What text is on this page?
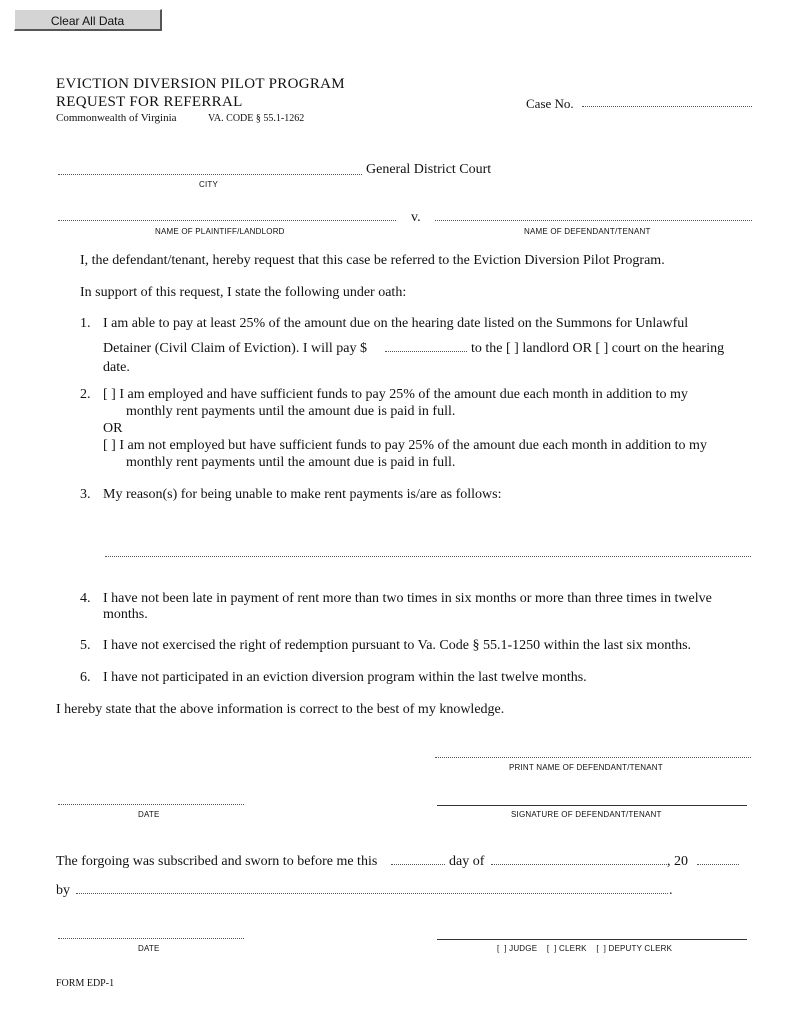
Clear All Data
EVICTION DIVERSION PILOT PROGRAM
REQUEST FOR REFERRAL
Commonwealth of Virginia	VA. CODE § 55.1-1262
Case No.
General District Court
CITY
v.
NAME OF PLAINTIFF/LANDLORD	NAME OF DEFENDANT/TENANT
I, the defendant/tenant, hereby request that this case be referred to the Eviction Diversion Pilot Program.
In support of this request, I state the following under oath:
1. I am able to pay at least 25% of the amount due on the hearing date listed on the Summons for Unlawful
Detainer (Civil Claim of Eviction). I will pay $	to the [ ] landlord OR [ ] court on the hearing
date.
2. [ ] I am employed and have sufficient funds to pay 25% of the amount due each month in addition to my
monthly rent payments until the amount due is paid in full.
OR
[ ] I am not employed but have sufficient funds to pay 25% of the amount due each month in addition to my
monthly rent payments until the amount due is paid in full.
3. My reason(s) for being unable to make rent payments is/are as follows:
4. I have not been late in payment of rent more than two times in six months or more than three times in twelve
months.
5. I have not exercised the right of redemption pursuant to Va. Code § 55.1-1250 within the last six months.
6. I have not participated in an eviction diversion program within the last twelve months.
I hereby state that the above information is correct to the best of my knowledge.
PRINT NAME OF DEFENDANT/TENANT
DATE	SIGNATURE OF DEFENDANT/TENANT
The forgoing was subscribed and sworn to before me this	day of	, 20
by	.
DATE	[  ] JUDGE    [  ] CLERK    [  ] DEPUTY CLERK
FORM EDP-1
